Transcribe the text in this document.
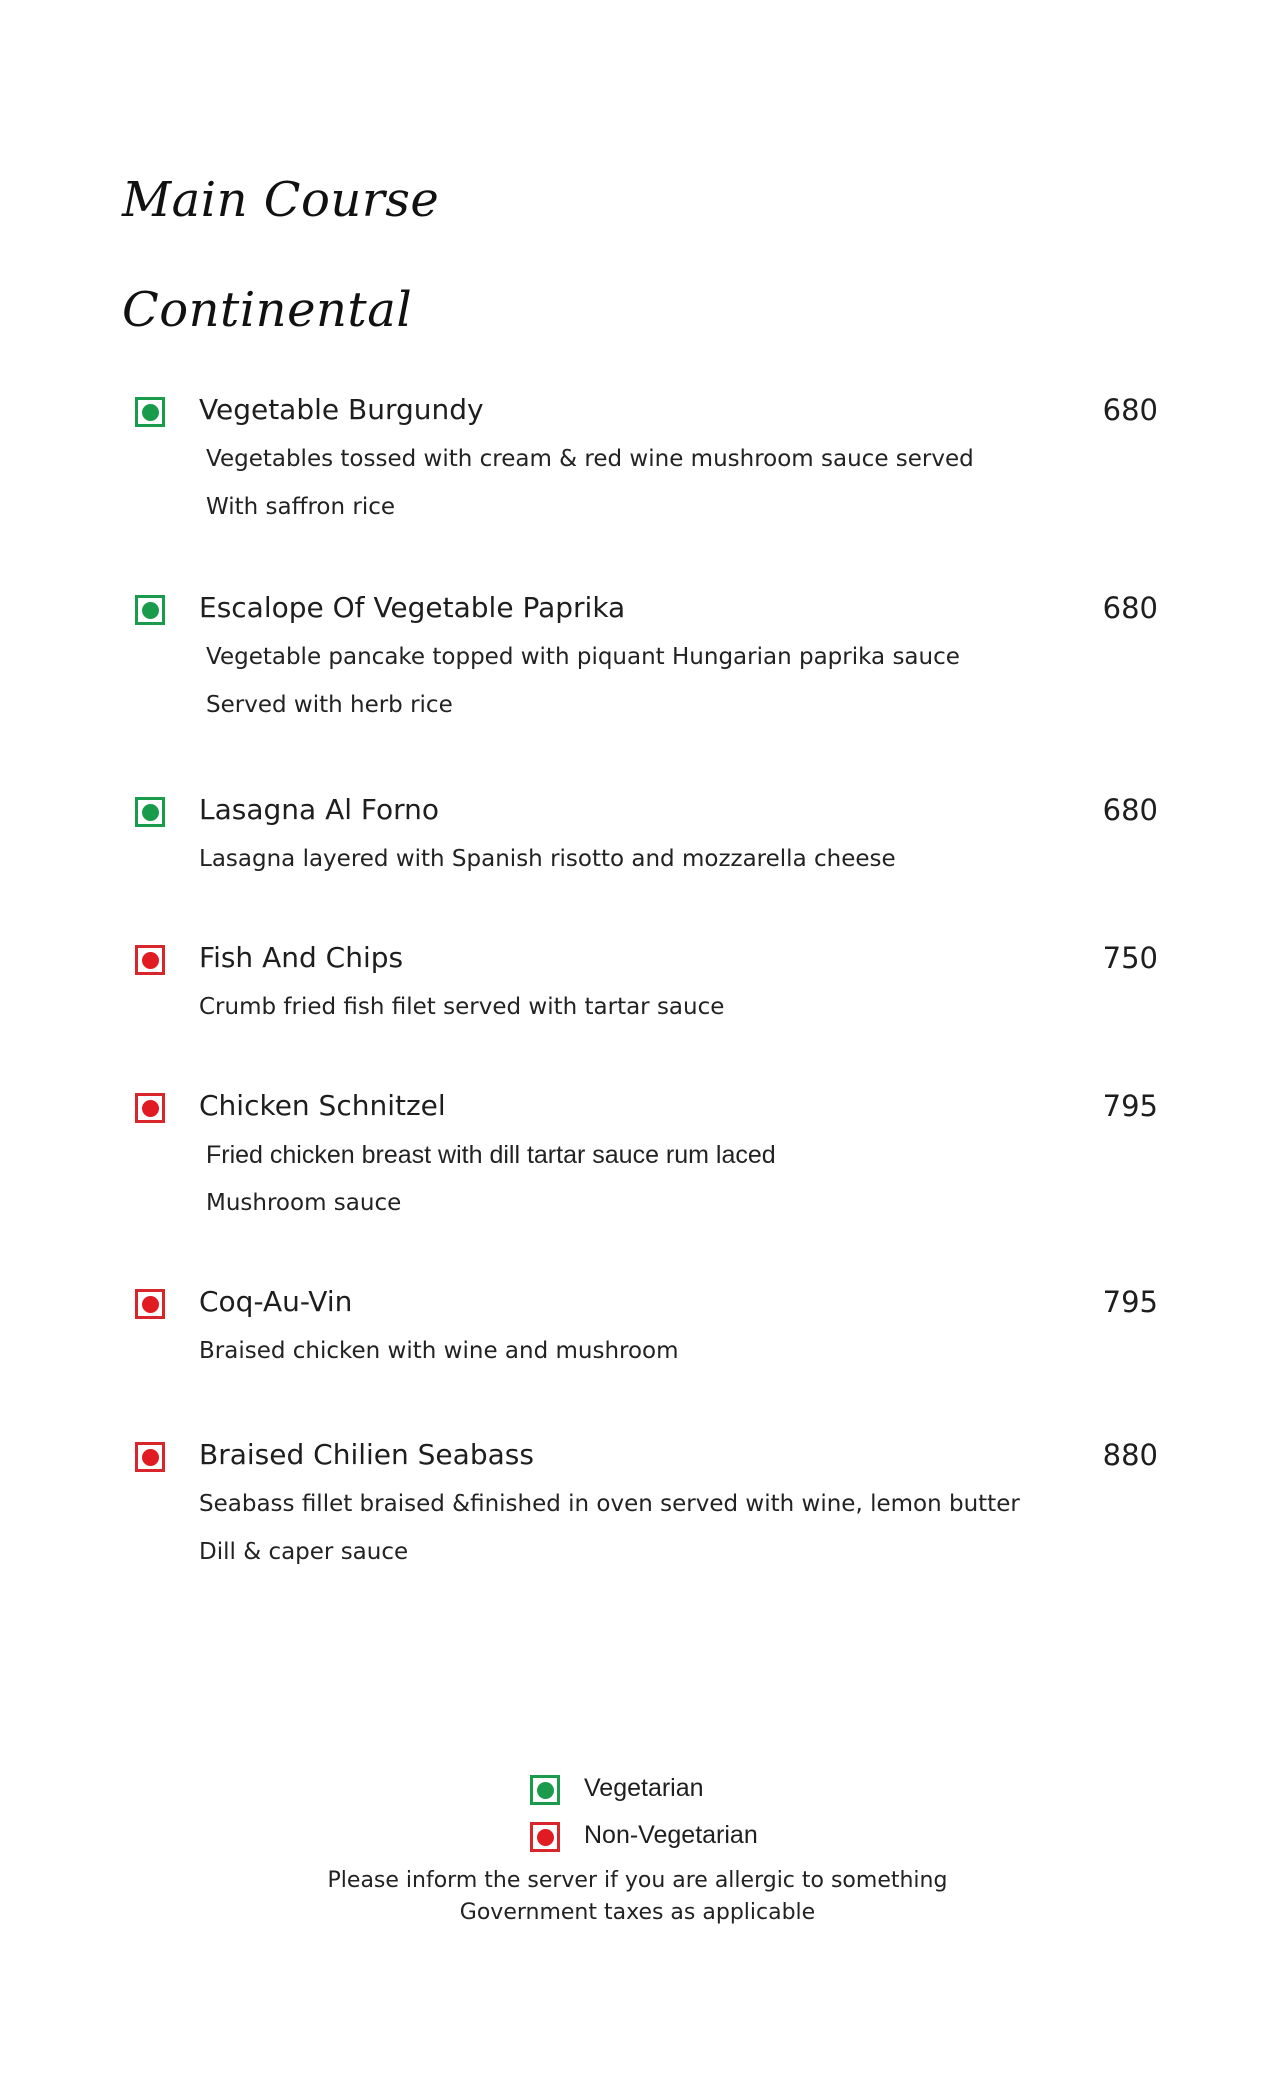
Main Course
Continental
Vegetable Burgundy	680
Vegetables tossed with cream & red wine mushroom sauce served
With saffron rice
Escalope Of Vegetable Paprika	680
Vegetable pancake topped with piquant Hungarian paprika sauce
Served with herb rice
Lasagna Al Forno	680
Lasagna layered with Spanish risotto and mozzarella cheese
Fish And Chips	750
Crumb fried fish filet served with tartar sauce
Chicken Schnitzel	795
Fried chicken breast with dill tartar sauce rum laced
Mushroom sauce
Coq-Au-Vin	795
Braised chicken with wine and mushroom
Braised Chilien Seabass	880
Seabass fillet braised &finished in oven served with wine, lemon butter
Dill & caper sauce
Vegetarian
Non-Vegetarian
Please inform the server if you are allergic to something
Government taxes as applicable
